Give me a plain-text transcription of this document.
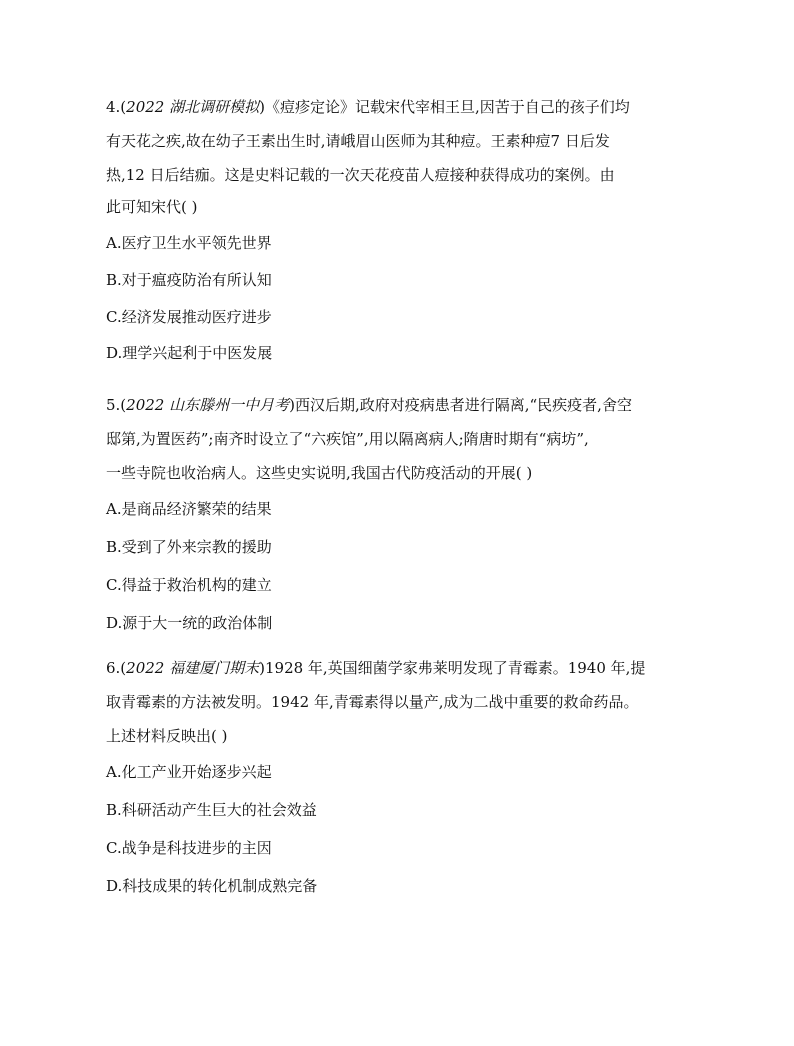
4.(2022 湖北调研模拟)《痘疹定论》记载宋代宰相王旦,因苦于自己的孩子们均
有天花之疾,故在幼子王素出生时,请峨眉山医师为其种痘。王素种痘7 日后发
热,12 日后结痂。这是史料记载的一次天花疫苗人痘接种获得成功的案例。由
此可知宋代( )
A.医疗卫生水平领先世界
B.对于瘟疫防治有所认知
C.经济发展推动医疗进步
D.理学兴起利于中医发展
5.(2022 山东滕州一中月考)西汉后期,政府对疫病患者进行隔离,“民疾疫者,舍空
邸第,为置医药”;南齐时设立了“六疾馆”,用以隔离病人;隋唐时期有“病坊”,
一些寺院也收治病人。这些史实说明,我国古代防疫活动的开展( )
A.是商品经济繁荣的结果
B.受到了外来宗教的援助
C.得益于救治机构的建立
D.源于大一统的政治体制
6.(2022 福建厦门期末)1928 年,英国细菌学家弗莱明发现了青霉素。1940 年,提
取青霉素的方法被发明。1942 年,青霉素得以量产,成为二战中重要的救命药品。
上述材料反映出( )
A.化工产业开始逐步兴起
B.科研活动产生巨大的社会效益
C.战争是科技进步的主因
D.科技成果的转化机制成熟完备
